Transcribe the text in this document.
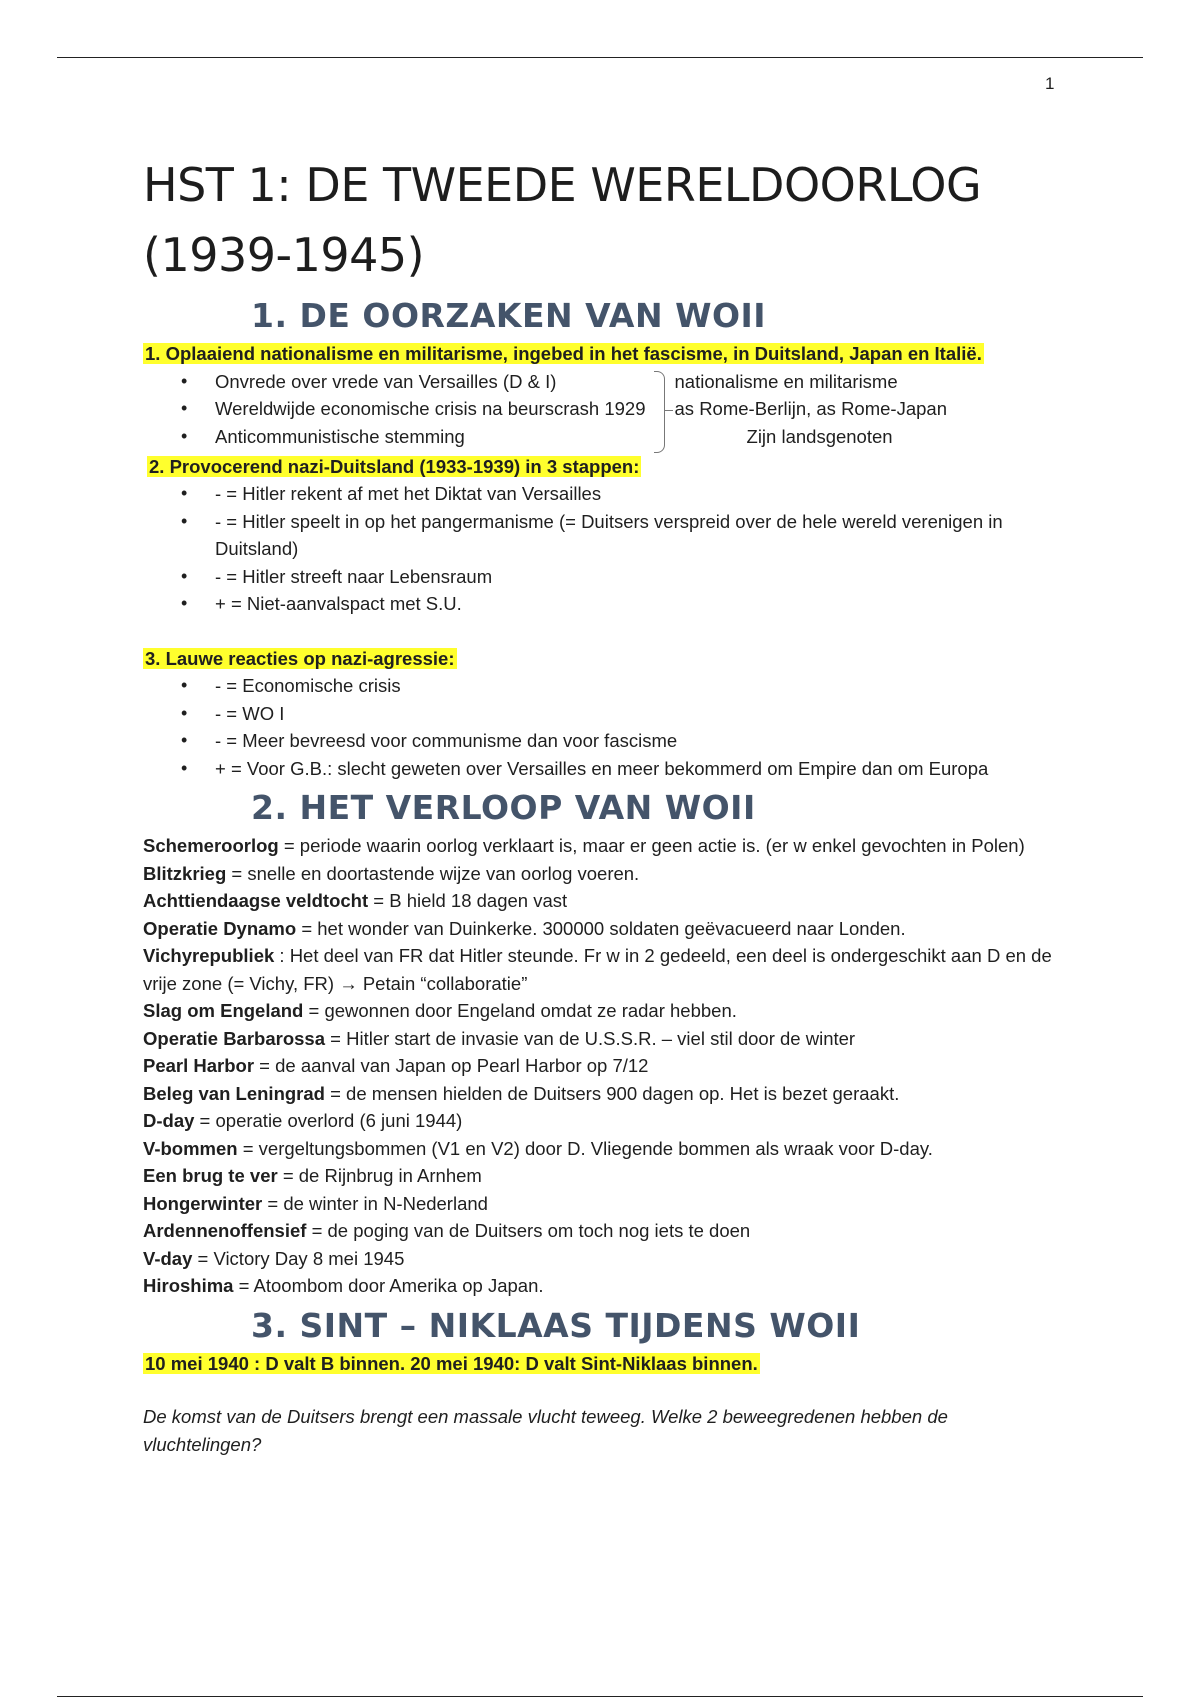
1
HST 1: DE TWEEDE WERELDOORLOG
(1939-1945)
1. DE OORZAKEN VAN WOII

1. Oplaaiend nationalisme en militarisme, ingebed in het fascisme, in Duitsland, Japan en Italië.

• Onvrede over vrede van Versailles (D & I)
• Wereldwijde economische crisis na beurscrash 1929
• Anticommunistische stemming
nationalisme en militarisme
as Rome-Berlijn, as Rome-Japan
Zijn landsgenoten

2. Provocerend nazi-Duitsland (1933-1939) in 3 stappen:

• - = Hitler rekent af met het Diktat van Versailles
• - = Hitler speelt in op het pangermanisme (= Duitsers verspreid over de hele wereld verenigen in Duitsland)
• - = Hitler streeft naar Lebensraum
• + = Niet-aanvalspact met S.U.

3. Lauwe reacties op nazi-agressie:

• - = Economische crisis
• - = WO I
• - = Meer bevreesd voor communisme dan voor fascisme
• + = Voor G.B.: slecht geweten over Versailles en meer bekommerd om Empire dan om Europa
2. HET VERLOOP VAN WOII

Schemeroorlog = periode waarin oorlog verklaart is, maar er geen actie is. (er w enkel gevochten in Polen)

Blitzkrieg = snelle en doortastende wijze van oorlog voeren.

Achttiendaagse veldtocht = B hield 18 dagen vast

Operatie Dynamo = het wonder van Duinkerke. 300000 soldaten geëvacueerd naar Londen.

Vichyrepubliek : Het deel van FR dat Hitler steunde. Fr w in 2 gedeeld, een deel is ondergeschikt aan D en de vrije zone (= Vichy, FR) → Petain “collaboratie”

Slag om Engeland = gewonnen door Engeland omdat ze radar hebben.

Operatie Barbarossa = Hitler start de invasie van de U.S.S.R. – viel stil door de winter

Pearl Harbor = de aanval van Japan op Pearl Harbor op 7/12

Beleg van Leningrad = de mensen hielden de Duitsers 900 dagen op. Het is bezet geraakt.

D-day = operatie overlord (6 juni 1944)

V-bommen = vergeltungsbommen (V1 en V2) door D. Vliegende bommen als wraak voor D-day.

Een brug te ver = de Rijnbrug in Arnhem

Hongerwinter = de winter in N-Nederland

Ardennenoffensief = de poging van de Duitsers om toch nog iets te doen

V-day = Victory Day 8 mei 1945

Hiroshima = Atoombom door Amerika op Japan.

3. SINT – NIKLAAS TIJDENS WOII

10 mei 1940 : D valt B binnen. 20 mei 1940: D valt Sint-Niklaas binnen.

De komst van de Duitsers brengt een massale vlucht teweeg. Welke 2 beweegredenen hebben de vluchtelingen?
